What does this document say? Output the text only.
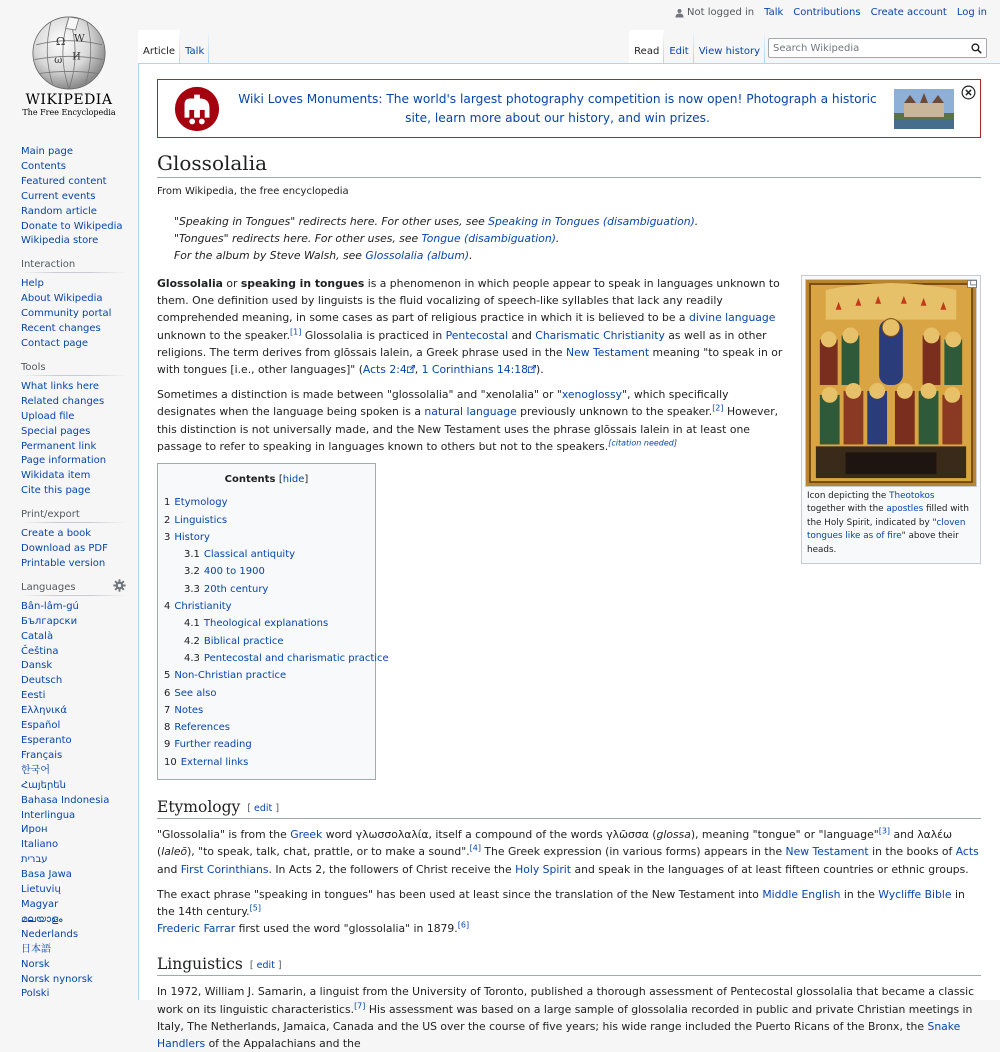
Not logged in Talk Contributions Create account Log in
Ω W
И
ω
WIKIPEDIA
The Free Encyclopedia
Main page
Contents
Featured content
Current events
Random article
Donate to Wikipedia
Wikipedia store
Interaction
Help
About Wikipedia
Community portal
Recent changes
Contact page
Tools
What links here
Related changes
Upload file
Special pages
Permanent link
Page information
Wikidata item
Cite this page
Print/export
Create a book
Download as PDF
Printable version
Languages
Bân-lâm-gú
Български
Català
Čeština
Dansk
Deutsch
Eesti
Ελληνικά
Español
Esperanto
Français
한국어
Հայերեն
Bahasa Indonesia
Interlingua
Ирон
Italiano
עברית
Basa Jawa
Lietuvių
Magyar
മലയാളം
Nederlands
日本語
Norsk
Norsk nynorsk
Polski
Article Talk	Read Edit View history
Search Wikipedia
Wiki Loves Monuments: The world's largest photography competition is now open! Photograph a historic site, learn more about our history, and win prizes.
Glossolalia
From Wikipedia, the free encyclopedia
"Speaking in Tongues" redirects here. For other uses, see Speaking in Tongues (disambiguation).
"Tongues" redirects here. For other uses, see Tongue (disambiguation).
For the album by Steve Walsh, see Glossolalia (album).
Icon depicting the Theotokos together with the apostles filled with the Holy Spirit, indicated by "cloven tongues like as of fire" above their heads.

Glossolalia or speaking in tongues is a phenomenon in which people appear to speak in languages unknown to them. One definition used by linguists is the fluid vocalizing of speech-like syllables that lack any readily comprehended meaning, in some cases as part of religious practice in which it is believed to be a divine language unknown to the speaker.[1] Glossolalia is practiced in Pentecostal and Charismatic Christianity as well as in other religions. The term derives from glōssais lalein, a Greek phrase used in the New Testament meaning "to speak in or with tongues [i.e., other languages]" (Acts 2:4 , 1 Corinthians 14:18 ).

Sometimes a distinction is made between "glossolalia" and "xenolalia" or "xenoglossy", which specifically designates when the language being spoken is a natural language previously unknown to the speaker.[2] However, this distinction is not universally made, and the New Testament uses the phrase glōssais lalein in at least one passage to refer to speaking in languages known to others but not to the speakers.[citation needed]

Contents [hide]
1 Etymology
2 Linguistics
3 History
3.1 Classical antiquity
3.2 400 to 1900
3.3 20th century
4 Christianity
4.1 Theological explanations
4.2 Biblical practice
4.3 Pentecostal and charismatic practice
5 Non-Christian practice
6 See also
7 Notes
8 References
9 Further reading
10 External links
Etymology [ edit ]

"Glossolalia" is from the Greek word γλωσσολαλία, itself a compound of the words γλῶσσα (glossa), meaning "tongue" or "language"[3] and λαλέω (laleō), "to speak, talk, chat, prattle, or to make a sound".[4] The Greek expression (in various forms) appears in the New Testament in the books of Acts and First Corinthians. In Acts 2, the followers of Christ receive the Holy Spirit and speak in the languages of at least fifteen countries or ethnic groups.

The exact phrase "speaking in tongues" has been used at least since the translation of the New Testament into Middle English in the Wycliffe Bible in the 14th century.[5]
Frederic Farrar first used the word "glossolalia" in 1879.[6]

Linguistics [ edit ]

In 1972, William J. Samarin, a linguist from the University of Toronto, published a thorough assessment of Pentecostal glossolalia that became a classic work on its linguistic characteristics.[7] His assessment was based on a large sample of glossolalia recorded in public and private Christian meetings in Italy, The Netherlands, Jamaica, Canada and the US over the course of five years; his wide range included the Puerto Ricans of the Bronx, the Snake Handlers of the Appalachians and the
